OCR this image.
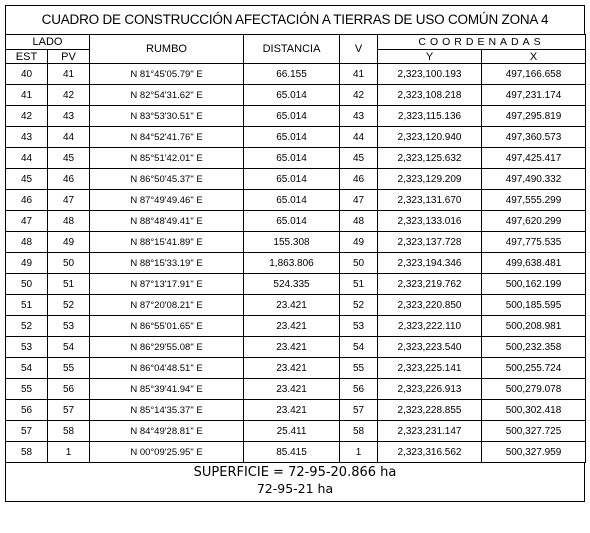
CUADRO DE CONSTRUCCIÓN AFECTACIÓN A TIERRAS DE USO COMÚN ZONA 4
LADO		RUMBO	DISTANCIA	V	COORDENADAS	
EST	PV				Y	X
40	41	N 81°45'05.79" E	66.155	41	2,323,100.193	497,166.658
41	42	N 82°54'31.62" E	65.014	42	2,323,108.218	497,231.174
42	43	N 83°53'30.51" E	65.014	43	2,323,115.136	497,295.819
43	44	N 84°52'41.76" E	65.014	44	2,323,120.940	497,360.573
44	45	N 85°51'42.01" E	65.014	45	2,323,125.632	497,425.417
45	46	N 86°50'45.37" E	65.014	46	2,323,129.209	497,490.332
46	47	N 87°49'49.46" E	65.014	47	2,323,131.670	497,555.299
47	48	N 88°48'49.41" E	65.014	48	2,323,133.016	497,620.299
48	49	N 88°15'41.89" E	155.308	49	2,323,137.728	497,775.535
49	50	N 88°15'33.19" E	1,863.806	50	2,323,194.346	499,638.481
50	51	N 87°13'17.91" E	524.335	51	2,323,219.762	500,162.199
51	52	N 87°20'08.21" E	23.421	52	2,323,220.850	500,185.595
52	53	N 86°55'01.65" E	23.421	53	2,323,222.110	500,208.981
53	54	N 86°29'55.08" E	23.421	54	2,323,223.540	500,232.358
54	55	N 86°04'48.51" E	23.421	55	2,323,225.141	500,255.724
55	56	N 85°39'41.94" E	23.421	56	2,323,226.913	500,279.078
56	57	N 85°14'35.37" E	23.421	57	2,323,228.855	500,302.418
57	58	N 84°49'28.81" E	25.411	58	2,323,231.147	500,327.725
58	1	N 00°09'25.95" E	85.415	1	2,323,316.562	500,327.959
SUPERFICIE = 72-95-20.866 ha
72-95-21 ha
